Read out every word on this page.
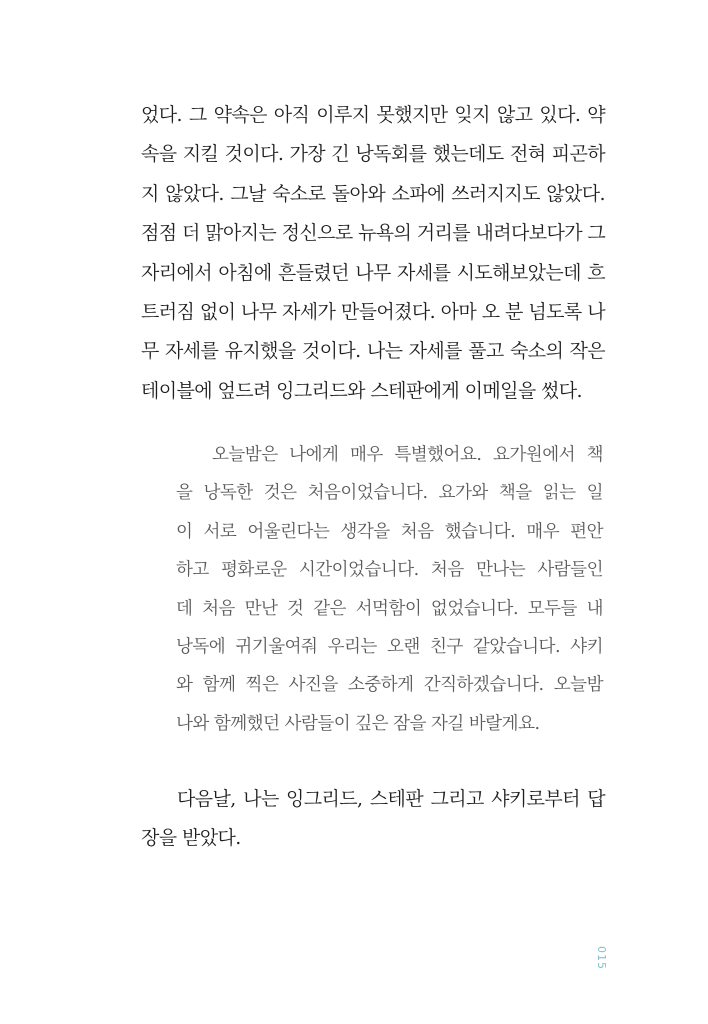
었다. 그 약속은 아직 이루지 못했지만 잊지 않고 있다. 약
속을 지킬 것이다. 가장 긴 낭독회를 했는데도 전혀 피곤하
지 않았다. 그날 숙소로 돌아와 소파에 쓰러지지도 않았다.
점점 더 맑아지는 정신으로 뉴욕의 거리를 내려다보다가 그
자리에서 아침에 흔들렸던 나무 자세를 시도해보았는데 흐
트러짐 없이 나무 자세가 만들어졌다. 아마 오 분 넘도록 나
무 자세를 유지했을 것이다. 나는 자세를 풀고 숙소의 작은
테이블에 엎드려 잉그리드와 스테판에게 이메일을 썼다.
오늘밤은 나에게 매우 특별했어요. 요가원에서 책
을 낭독한 것은 처음이었습니다. 요가와 책을 읽는 일
이 서로 어울린다는 생각을 처음 했습니다. 매우 편안
하고 평화로운 시간이었습니다. 처음 만나는 사람들인
데 처음 만난 것 같은 서먹함이 없었습니다. 모두들 내
낭독에 귀기울여줘 우리는 오랜 친구 같았습니다. 샤키
와 함께 찍은 사진을 소중하게 간직하겠습니다. 오늘밤
나와 함께했던 사람들이 깊은 잠을 자길 바랄게요.
다음날, 나는 잉그리드, 스테판 그리고 샤키로부터 답
장을 받았다.
015
